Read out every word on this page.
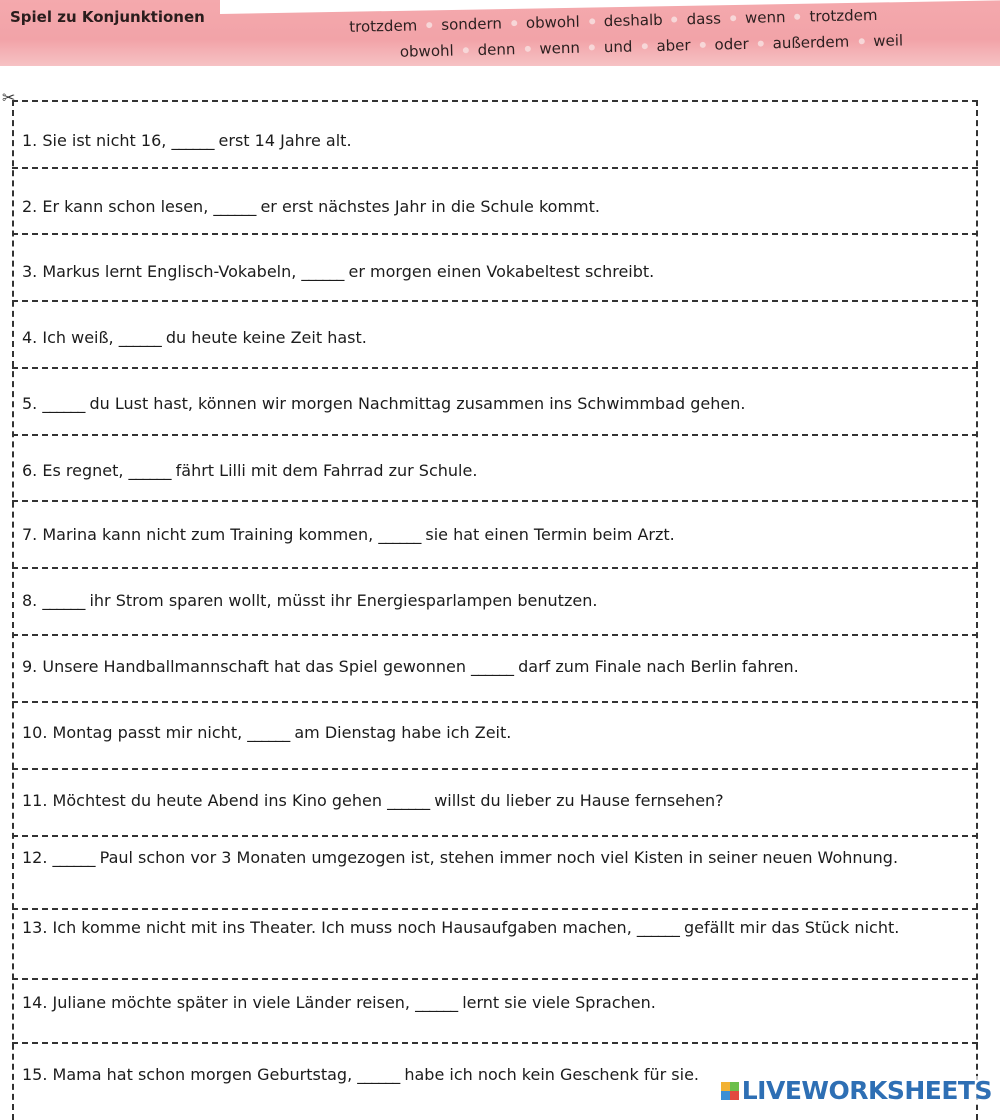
Spiel zu Konjunktionen	trotzdem sondern obwohl deshalb dass wenn trotzdem
obwohl denn wenn und aber oder außerdem weil
✂
1. Sie ist nicht 16, ______ erst 14 Jahre alt.
2. Er kann schon lesen, ______ er erst nächstes Jahr in die Schule kommt.
3. Markus lernt Englisch-Vokabeln, ______ er morgen einen Vokabeltest schreibt.
4. Ich weiß, ______ du heute keine Zeit hast.
5. ______ du Lust hast, können wir morgen Nachmittag zusammen ins Schwimmbad gehen.
6. Es regnet, ______ fährt Lilli mit dem Fahrrad zur Schule.
7. Marina kann nicht zum Training kommen, ______ sie hat einen Termin beim Arzt.
8. ______ ihr Strom sparen wollt, müsst ihr Energiesparlampen benutzen.
9. Unsere Handballmannschaft hat das Spiel gewonnen ______ darf zum Finale nach Berlin fahren.
10. Montag passt mir nicht, ______ am Dienstag habe ich Zeit.
11. Möchtest du heute Abend ins Kino gehen ______ willst du lieber zu Hause fernsehen?
12. ______ Paul schon vor 3 Monaten umgezogen ist, stehen immer noch viel Kisten in seiner neuen Wohnung.
13. Ich komme nicht mit ins Theater. Ich muss noch Hausaufgaben machen, ______ gefällt mir das Stück nicht.
14. Juliane möchte später in viele Länder reisen, ______ lernt sie viele Sprachen.
15. Mama hat schon morgen Geburtstag, ______ habe ich noch kein Geschenk für sie.
LIVEWORKSHEETS
